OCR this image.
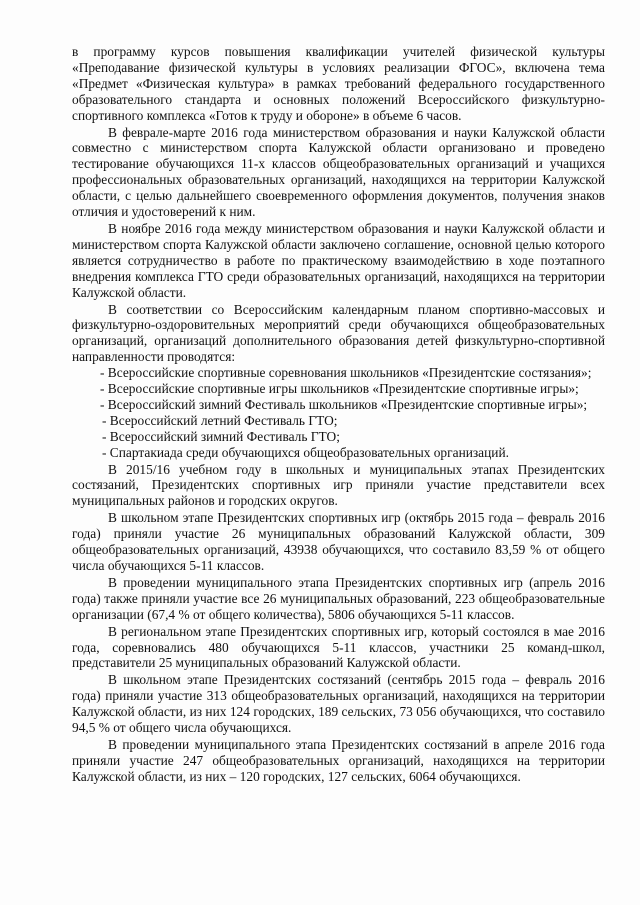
в программу курсов повышения квалификации учителей физической культуры «Преподавание физической культуры в условиях реализации ФГОС», включена тема «Предмет «Физическая культура» в рамках требований федерального государственного образовательного стандарта и основных положений Всероссийского физкультурно-спортивного комплекса «Готов к труду и обороне» в объеме 6 часов.

В феврале-марте 2016 года министерством образования и науки Калужской области совместно с министерством спорта Калужской области организовано и проведено тестирование обучающихся 11-х классов общеобразовательных организаций и учащихся профессиональных образовательных организаций, находящихся на территории Калужской области, с целью дальнейшего своевременного оформления документов, получения знаков отличия и удостоверений к ним.

В ноябре 2016 года между министерством образования и науки Калужской области и министерством спорта Калужской области заключено соглашение, основной целью которого является сотрудничество в работе по практическому взаимодействию в ходе поэтапного внедрения комплекса ГТО среди образовательных организаций, находящихся на территории Калужской области.

В соответствии со Всероссийским календарным планом спортивно-массовых и физкультурно-оздоровительных мероприятий среди обучающихся общеобразовательных организаций, организаций дополнительного образования детей физкультурно-спортивной направленности проводятся:

- Всероссийские спортивные соревнования школьников «Президентские состязания»;

- Всероссийские спортивные игры школьников «Президентские спортивные игры»;

- Всероссийский зимний Фестиваль школьников «Президентские спортивные игры»;

- Всероссийский летний Фестиваль ГТО;

- Всероссийский зимний Фестиваль ГТО;

- Спартакиада среди обучающихся общеобразовательных организаций.

В 2015/16 учебном году в школьных и муниципальных этапах Президентских состязаний, Президентских спортивных игр приняли участие представители всех муниципальных районов и городских округов.

В школьном этапе Президентских спортивных игр (октябрь 2015 года – февраль 2016 года) приняли участие 26 муниципальных образований Калужской области, 309 общеобразовательных организаций, 43938 обучающихся, что составило 83,59 % от общего числа обучающихся 5-11 классов.

В проведении муниципального этапа Президентских спортивных игр (апрель 2016 года) также приняли участие все 26 муниципальных образований, 223 общеобразовательные организации (67,4 % от общего количества), 5806 обучающихся 5-11 классов.

В региональном этапе Президентских спортивных игр, который состоялся в мае 2016 года, соревновались 480 обучающихся 5-11 классов, участники 25 команд-школ, представители 25 муниципальных образований Калужской области.

В школьном этапе Президентских состязаний (сентябрь 2015 года – февраль 2016 года) приняли участие 313 общеобразовательных организаций, находящихся на территории Калужской области, из них 124 городских, 189 сельских, 73 056 обучающихся, что составило 94,5 % от общего числа обучающихся.

В проведении муниципального этапа Президентских состязаний в апреле 2016 года приняли участие 247 общеобразовательных организаций, находящихся на территории Калужской области, из них – 120 городских, 127 сельских, 6064 обучающихся.
